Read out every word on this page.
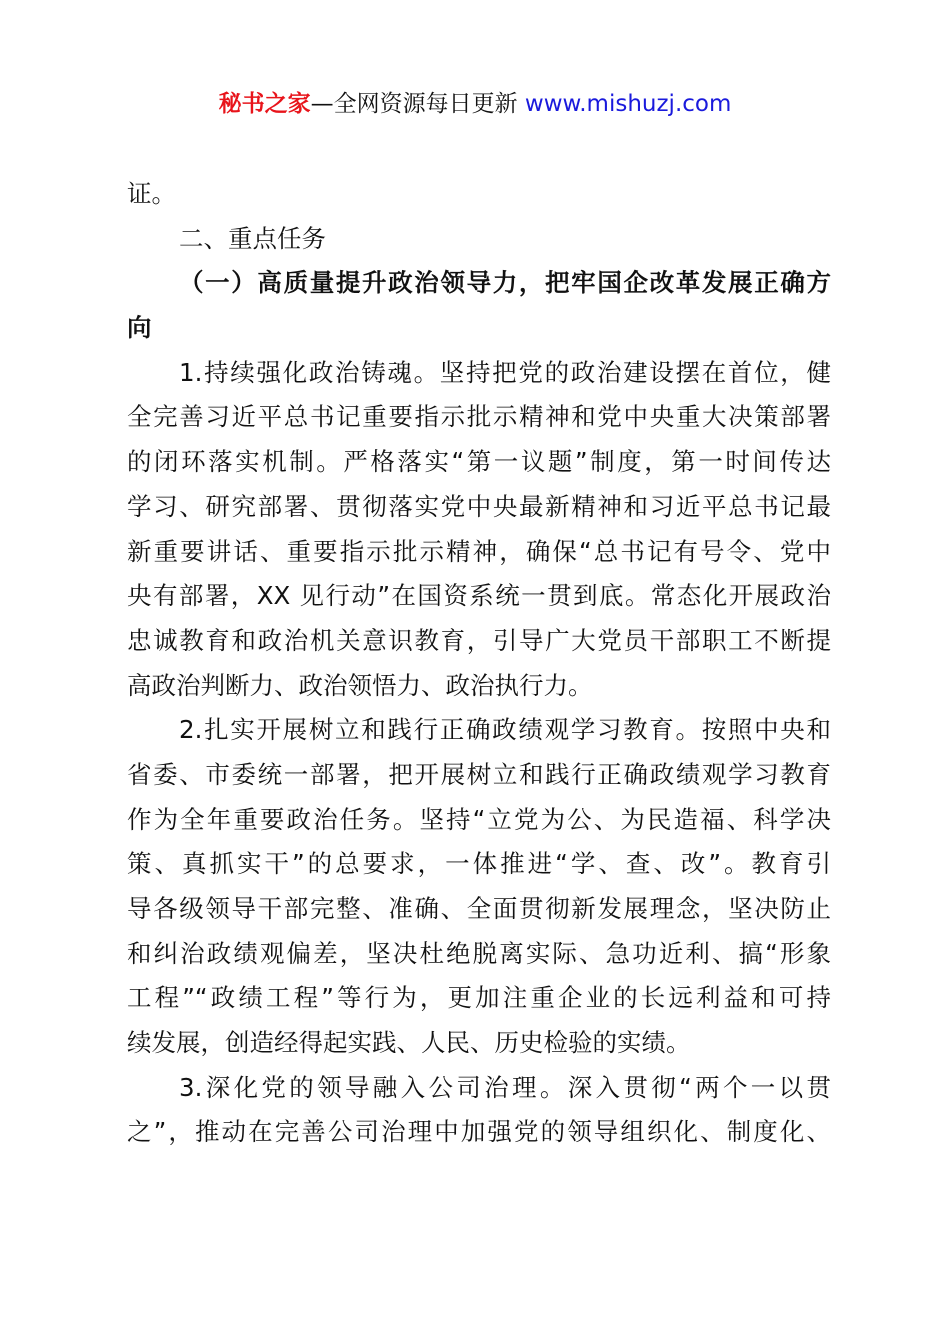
秘书之家—全网资源每日更新 www.mishuzj.com
证。
二、重点任务
（一）高质量提升政治领导力，把牢国企改革发展正确方
向
1.持续强化政治铸魂。坚持把党的政治建设摆在首位，健
全完善习近平总书记重要指示批示精神和党中央重大决策部署
的闭环落实机制。严格落实“第一议题”制度，第一时间传达
学习、研究部署、贯彻落实党中央最新精神和习近平总书记最
新重要讲话、重要指示批示精神，确保“总书记有号令、党中
央有部署，XX 见行动”在国资系统一贯到底。常态化开展政治
忠诚教育和政治机关意识教育，引导广大党员干部职工不断提
高政治判断力、政治领悟力、政治执行力。
2.扎实开展树立和践行正确政绩观学习教育。按照中央和
省委、市委统一部署，把开展树立和践行正确政绩观学习教育
作为全年重要政治任务。坚持“立党为公、为民造福、科学决
策、真抓实干”的总要求，一体推进“学、查、改”。教育引
导各级领导干部完整、准确、全面贯彻新发展理念，坚决防止
和纠治政绩观偏差，坚决杜绝脱离实际、急功近利、搞“形象
工程”“政绩工程”等行为，更加注重企业的长远利益和可持
续发展，创造经得起实践、人民、历史检验的实绩。
3.深化党的领导融入公司治理。深入贯彻“两个一以贯
之”，推动在完善公司治理中加强党的领导组织化、制度化、
